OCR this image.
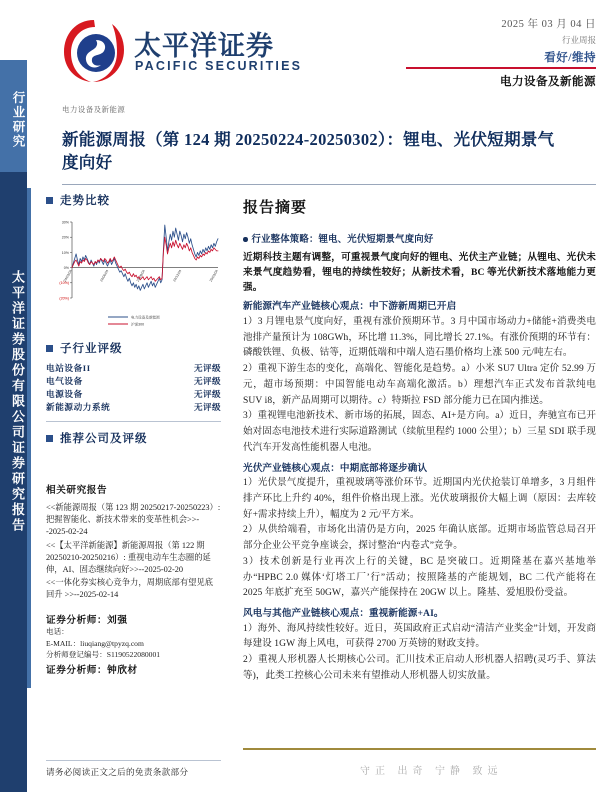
行业研究
太平洋证券股份有限公司证券研究报告
太平洋证券
PACIFIC SECURITIES
2025 年 03 月 04 日
行业周报
看好/维持
电力设备及新能源
电力设备及新能源
新能源周报（第 124 期 20250224-20250302）：锂电、光伏短期景气度向好
走势比较
30%
20%
10%
0%
(10%)
(20%)
24/03/04	24/06/04	24/09/04	24/12/04	25/03/04
电力设备及新能源
沪深300
子行业评级
电站设备II	无评级
电气设备	无评级
电源设备	无评级
新能源动力系统	无评级
推荐公司及评级
相关研究报告
<<新能源周报（第 123 期 20250217-20250223）:把握智能化、新技术带来的变革性机会>>--2025-02-24
<<【太平洋新能源】新能源周报（第 122 期 20250210-20250216）: 重视电动车生态圈的延伸，AI、固态继续向好>>--2025-02-20
<<一体化券实核心竞争力，周期底部有望见底回升 >>--2025-02-14
证券分析师：刘强
电话：
E-MAIL：liuqiang@tpyzq.com
分析师登记编号：S1190522080001
证券分析师：钟欣材
请务必阅读正文之后的免责条款部分
报告摘要
行业整体策略：锂电、光伏短期景气度向好
近期科技主题有调整，可重视景气度向好的锂电、光伏主产业链；从锂电、光伏未来景气度趋势看，锂电的持续性较好；从新技术看，BC 等光伏新技术落地能力更强。
新能源汽车产业链核心观点：中下游新周期已开启
1）3 月锂电景气度向好，重视有涨价预期环节。3 月中国市场动力+储能+消费类电池排产量预计为 108GWh，环比增 11.3%，同比增长 27.1%。有涨价预期的环节有：磷酸铁锂、负极、钴等，近期低端和中端人造石墨价格均上涨 500 元/吨左右。
2）重视下游生态的变化，高端化、智能化是趋势。a）小米 SU7 Ultra 定价 52.99 万元，超市场预期：中国智能电动车高端化激活。b）理想汽车正式发布首款纯电 SUV i8，新产品周期可以期待。c）特斯拉 FSD 部分能力已在国内推送。
3）重视锂电池新技术、新市场的拓展，固态、AI+是方向。a）近日，奔驰宣布已开始对固态电池技术进行实际道路测试（续航里程约 1000 公里）；b）三星 SDI 联手现代汽车开发高性能机器人电池。
光伏产业链核心观点：中期底部将逐步确认
1）光伏景气度提升，重视玻璃等涨价环节。近期国内光伏抢装订单增多，3 月组件排产环比上升约 40%，组件价格出现上涨。光伏玻璃报价大幅上调（原因：去库较好+需求持续上升），幅度为 2 元/平方米。
2）从供给端看，市场化出清仍是方向，2025 年确认底部。近期市场监管总局召开部分企业公平竞争座谈会，探讨整治“内卷式”竞争。
3）技术创新是行业再次上行的关键，BC 是突破口。近期隆基在嘉兴基地举办“HPBC 2.0 媒体‘灯塔工厂’行”活动；按照隆基的产能规划，BC 二代产能将在 2025 年底扩充至 50GW，嘉兴产能保持在 20GW 以上。隆基、爱旭股份受益。
风电与其他产业链核心观点：重视新能源+AI。
1）海外、海风持续性较好。近日，英国政府正式启动“清洁产业奖金”计划，开发商每建设 1GW 海上风电，可获得 2700 万英镑的财政支持。
2）重视人形机器人长期核心公司。汇川技术正启动人形机器人招聘(灵巧手、算法等)，此类工控核心公司未来有望推动人形机器人切实放量。
守正 出奇 宁静 致远
